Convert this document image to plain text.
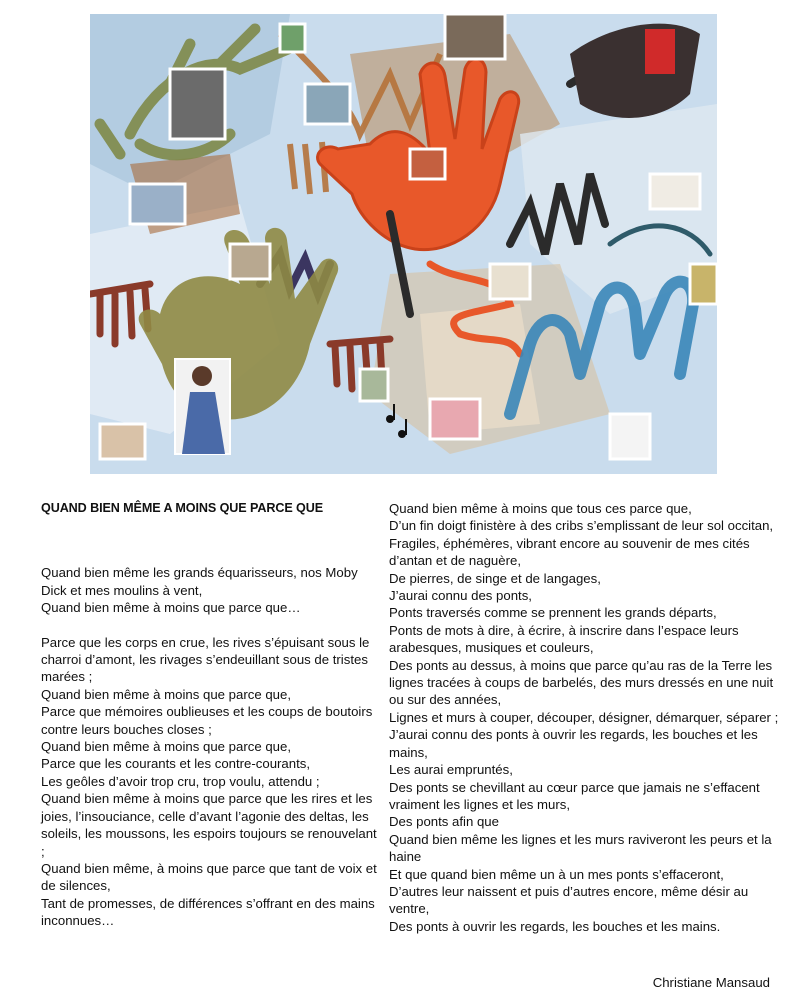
QUAND BIEN MÊME A MOINS QUE PARCE QUE
Quand bien même les grands équarisseurs, nos Moby Dick et mes moulins à vent,
Quand bien même à moins que parce que…
Parce que les corps en crue, les rives s’épuisant sous le charroi d’amont, les rivages s’endeuillant sous de tristes marées ;
Quand bien même à moins que parce que,
Parce que mémoires oublieuses et les coups de boutoirs contre leurs bouches closes ;
Quand bien même à moins que parce que,
Parce que les courants et les contre-courants,
Les geôles d’avoir trop cru, trop voulu, attendu ;
Quand bien même à moins que parce que les rires et les joies, l’insouciance, celle d’avant l’agonie des deltas, les soleils, les moussons, les espoirs toujours se renouvelant ;
Quand bien même, à moins que parce que tant de voix et de silences,
Tant de promesses, de différences s’offrant en des mains inconnues…
Quand bien même à moins que tous ces parce que,
D’un fin doigt finistère à des cribs s’emplissant de leur sol occitan,
Fragiles, éphémères, vibrant encore au souvenir de mes cités d’antan et de naguère,
De pierres, de singe et de langages,
J’aurai connu des ponts,
Ponts traversés comme se prennent les grands départs,
Ponts de mots à dire, à écrire, à inscrire dans l’espace leurs arabesques, musiques et couleurs,
Des ponts au dessus, à moins que parce qu’au ras de la Terre les lignes tracées à coups de barbelés, des murs dressés en une nuit ou sur des années,
Lignes et murs à couper, découper, désigner, démarquer, séparer ;
J’aurai connu des ponts à ouvrir les regards, les bouches et les mains,
Les aurai empruntés,
Des ponts se chevillant au cœur parce que jamais ne s’effacent vraiment les lignes et les murs,
Des ponts afin que
Quand bien même les lignes et les murs raviveront les peurs et la haine
Et que quand bien même un à un mes ponts s’effaceront,
D’autres leur naissent et puis d’autres encore, même désir au ventre,
Des ponts à ouvrir les regards, les bouches et les mains.
Christiane Mansaud
